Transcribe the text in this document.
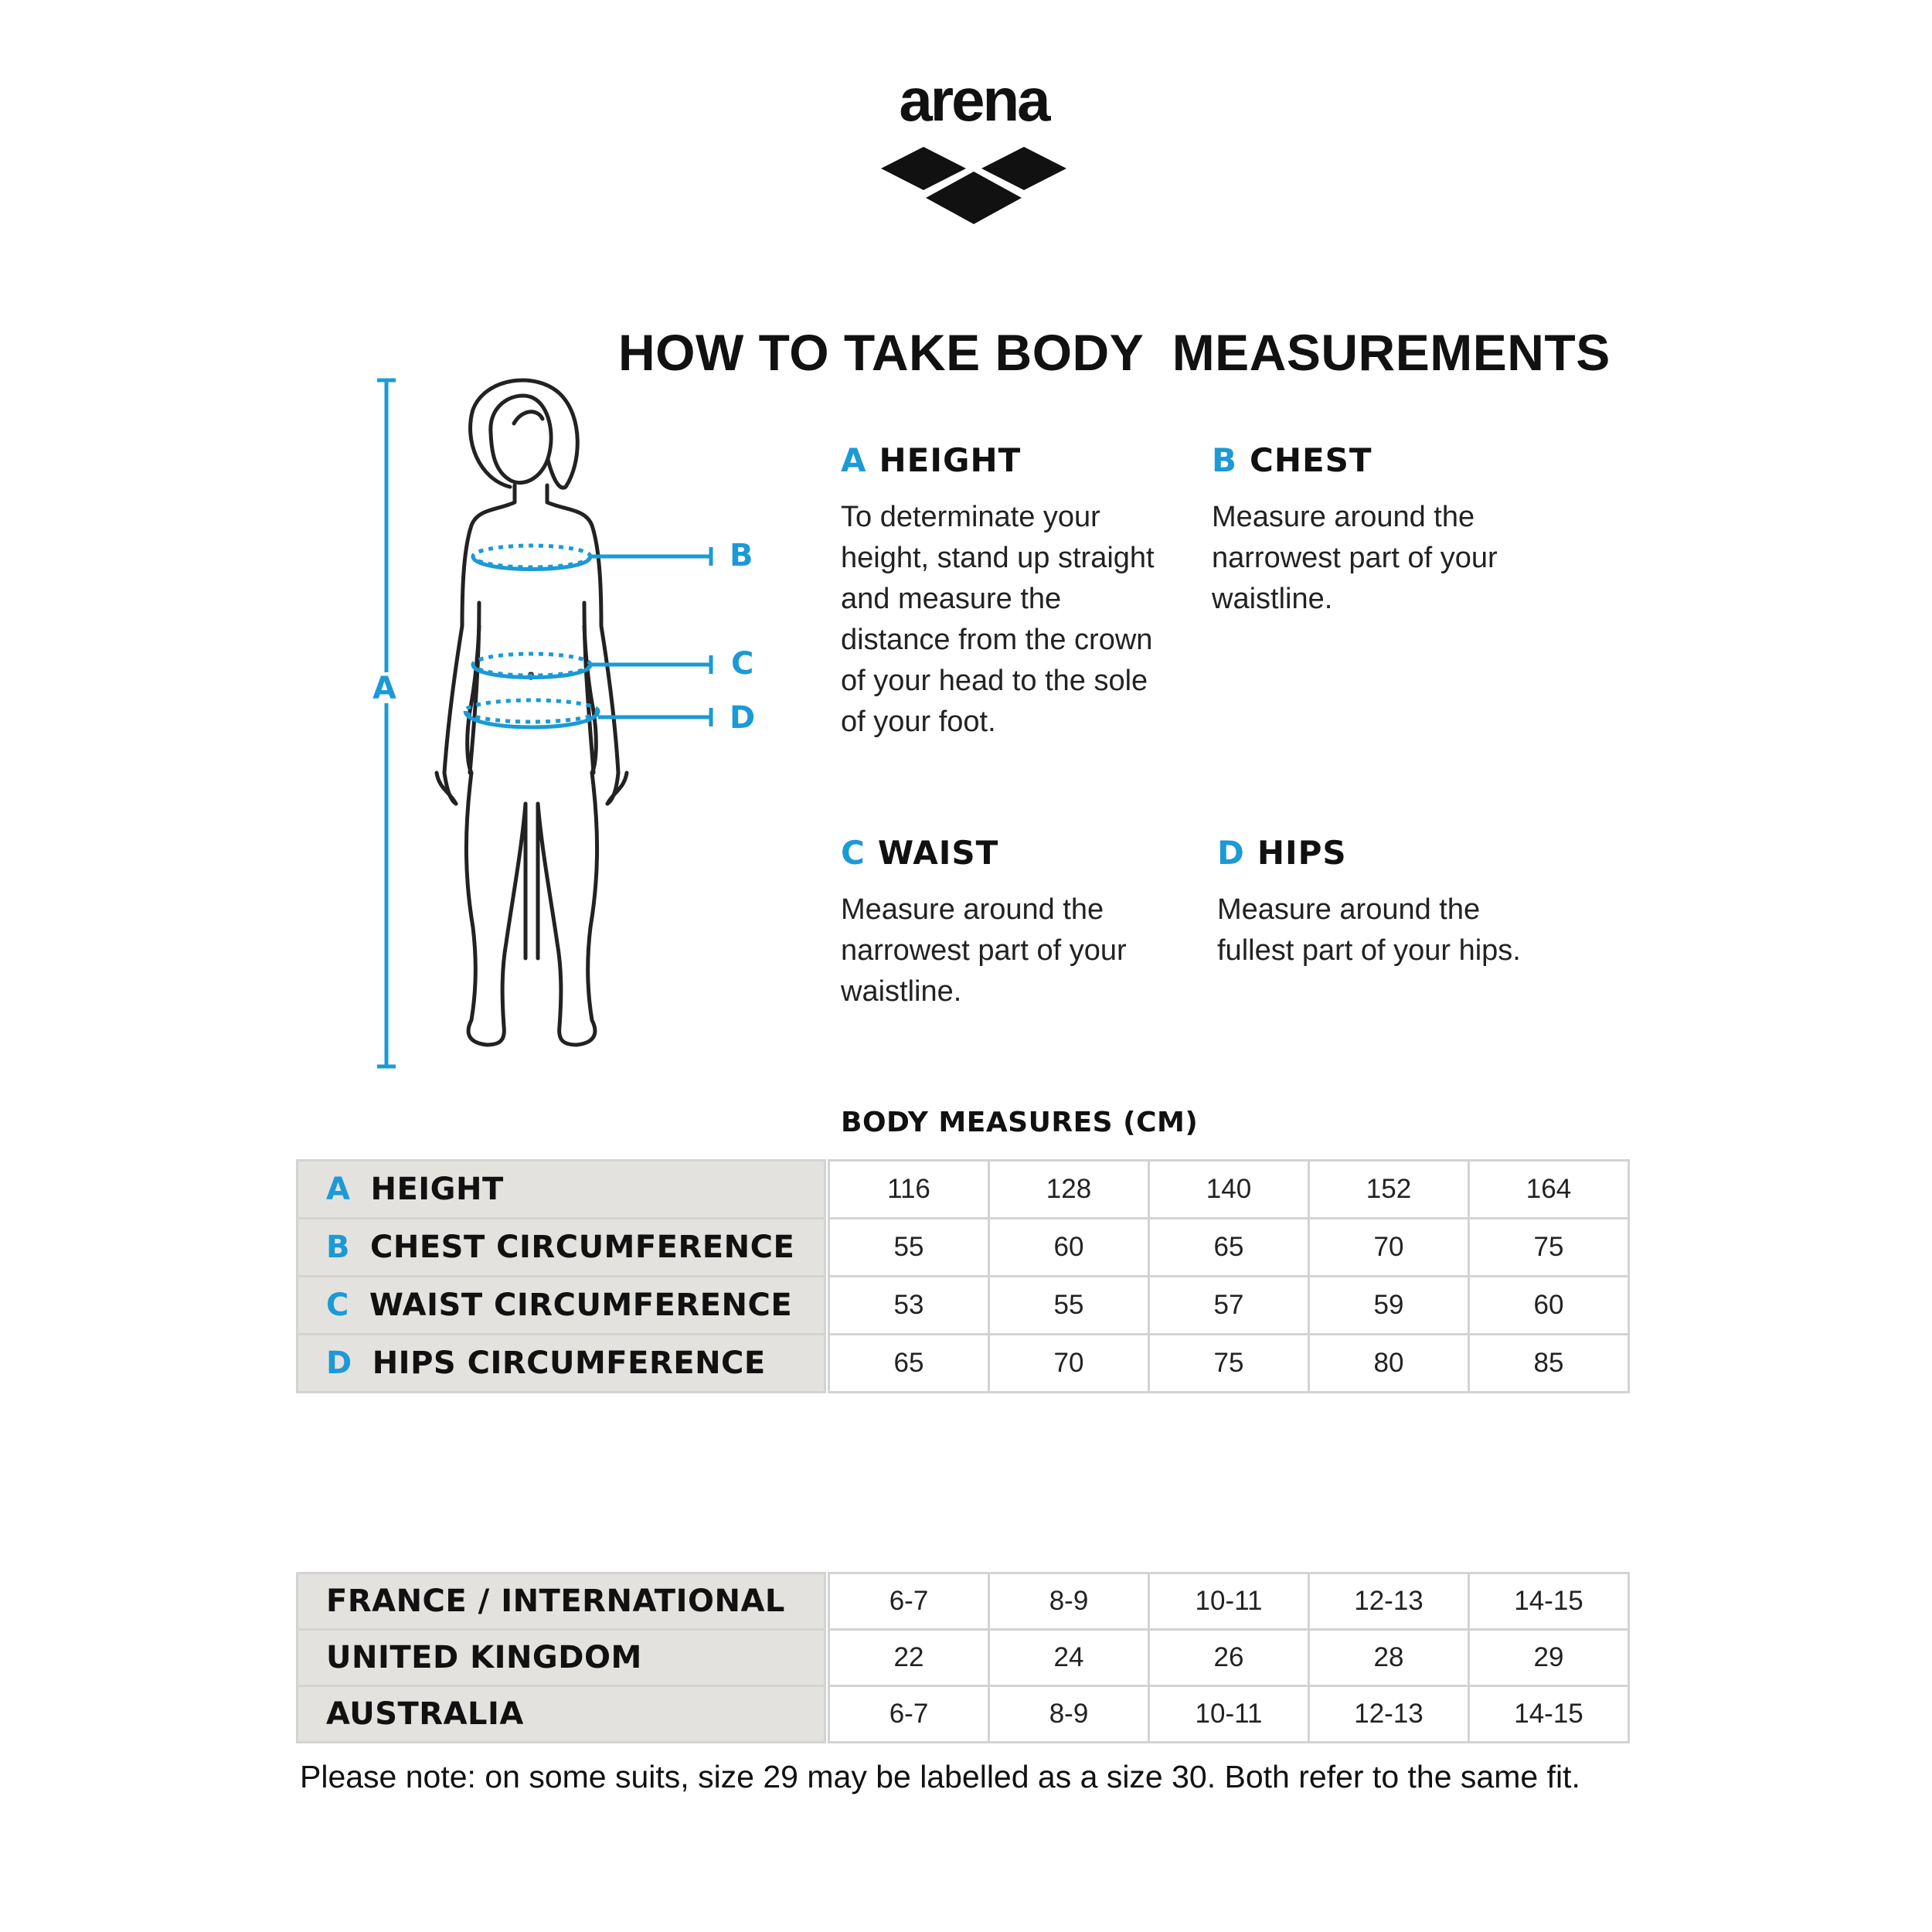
arena
HOW TO TAKE BODY  MEASUREMENTS
A
B
C
D
A HEIGHT
To determinate your height, stand up straight and measure the distance from the crown of your head to the sole of your foot.
B CHEST
Measure around the narrowest part of your waistline.
C WAIST
Measure around the narrowest part of your waistline.
D HIPS
Measure around the fullest part of your hips.
BODY MEASURES (CM)
A HEIGHT		116	128	140	152	164
B CHEST CIRCUMFERENCE		55	60	65	70	75
C WAIST CIRCUMFERENCE		53	55	57	59	60
D HIPS CIRCUMFERENCE		65	70	75	80	85
FRANCE / INTERNATIONAL		6-7	8-9	10-11	12-13	14-15
UNITED KINGDOM		22	24	26	28	29
AUSTRALIA		6-7	8-9	10-11	12-13	14-15
Please note: on some suits, size 29 may be labelled as a size 30. Both refer to the same fit.
